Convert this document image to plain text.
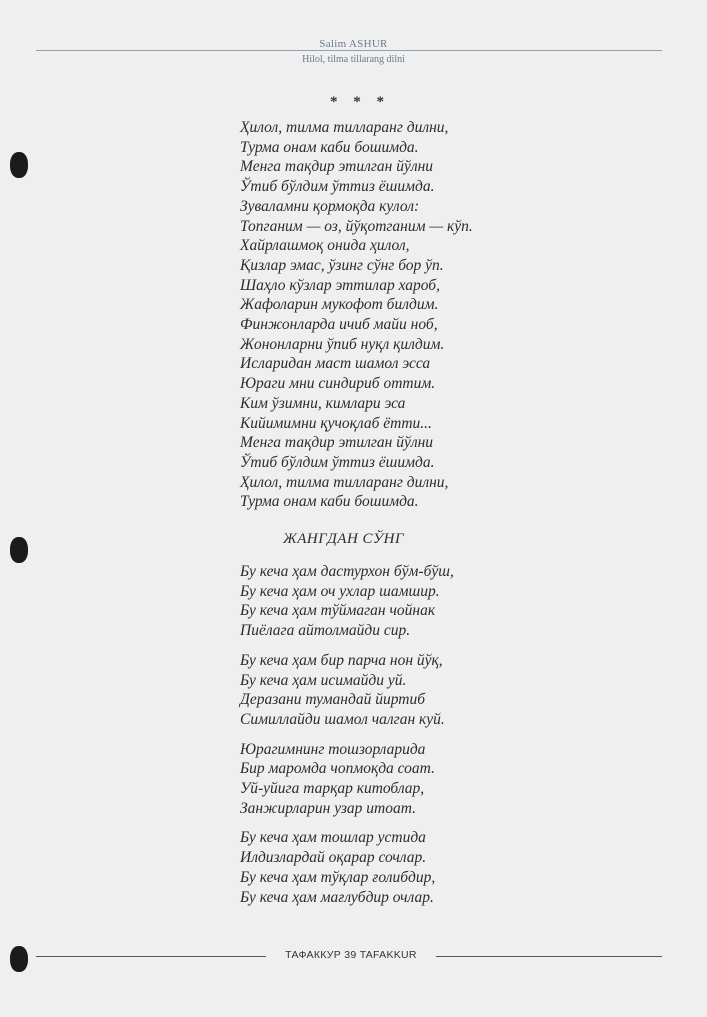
Salim ASHUR
Hilol, tilma tillarang dilni
* * *
Ҳилол, тилма тилларанг дилни,
Турма онам каби бошимда.
Менга тақдир этилган йўлни
Ўтиб бўлдим ўттиз ёшимда.
Зуваламни қормоқда кулол:
Топганим — оз, йўқотганим — кўп.
Хайрлашмоқ онида ҳилол,
Қизлар эмас, ўзинг сўнг бор ўп.
Шаҳло кўзлар эттилар хароб,
Жафоларин мукофот билдим.
Финжонларда ичиб майи ноб,
Жононларни ўпиб нуқл қилдим.
Исларидан маст шамол эсса
Юраги мни синдириб оттим.
Ким ўзимни, кимлари эса
Кийимимни қучоқлаб ётти...
Менга тақдир этилган йўлни
Ўтиб бўлдим ўттиз ёшимда.
Ҳилол, тилма тилларанг дилни,
Турма онам каби бошимда.
ЖАНГДАН СЎНГ
Бу кеча ҳам дастурхон бўм-бўш,
Бу кеча ҳам оч ухлар шамшир.
Бу кеча ҳам тўймаган чойнак
Пиёлага айтолмайди сир.
Бу кеча ҳам бир парча нон йўқ,
Бу кеча ҳам исимайди уй.
Деразани тумандай йиртиб
Симиллайди шамол чалган куй.
Юрагимнинг тошзорларида
Бир маромда чопмоқда соат.
Уй-уйига тарқар китоблар,
Занжирларин узар итоат.
Бу кеча ҳам тошлар устида
Илдизлардай оқарар сочлар.
Бу кеча ҳам тўқлар ғолибдир,
Бу кеча ҳам мағлубдир очлар.
ТАФАККУР 39 TAFAKKUR
